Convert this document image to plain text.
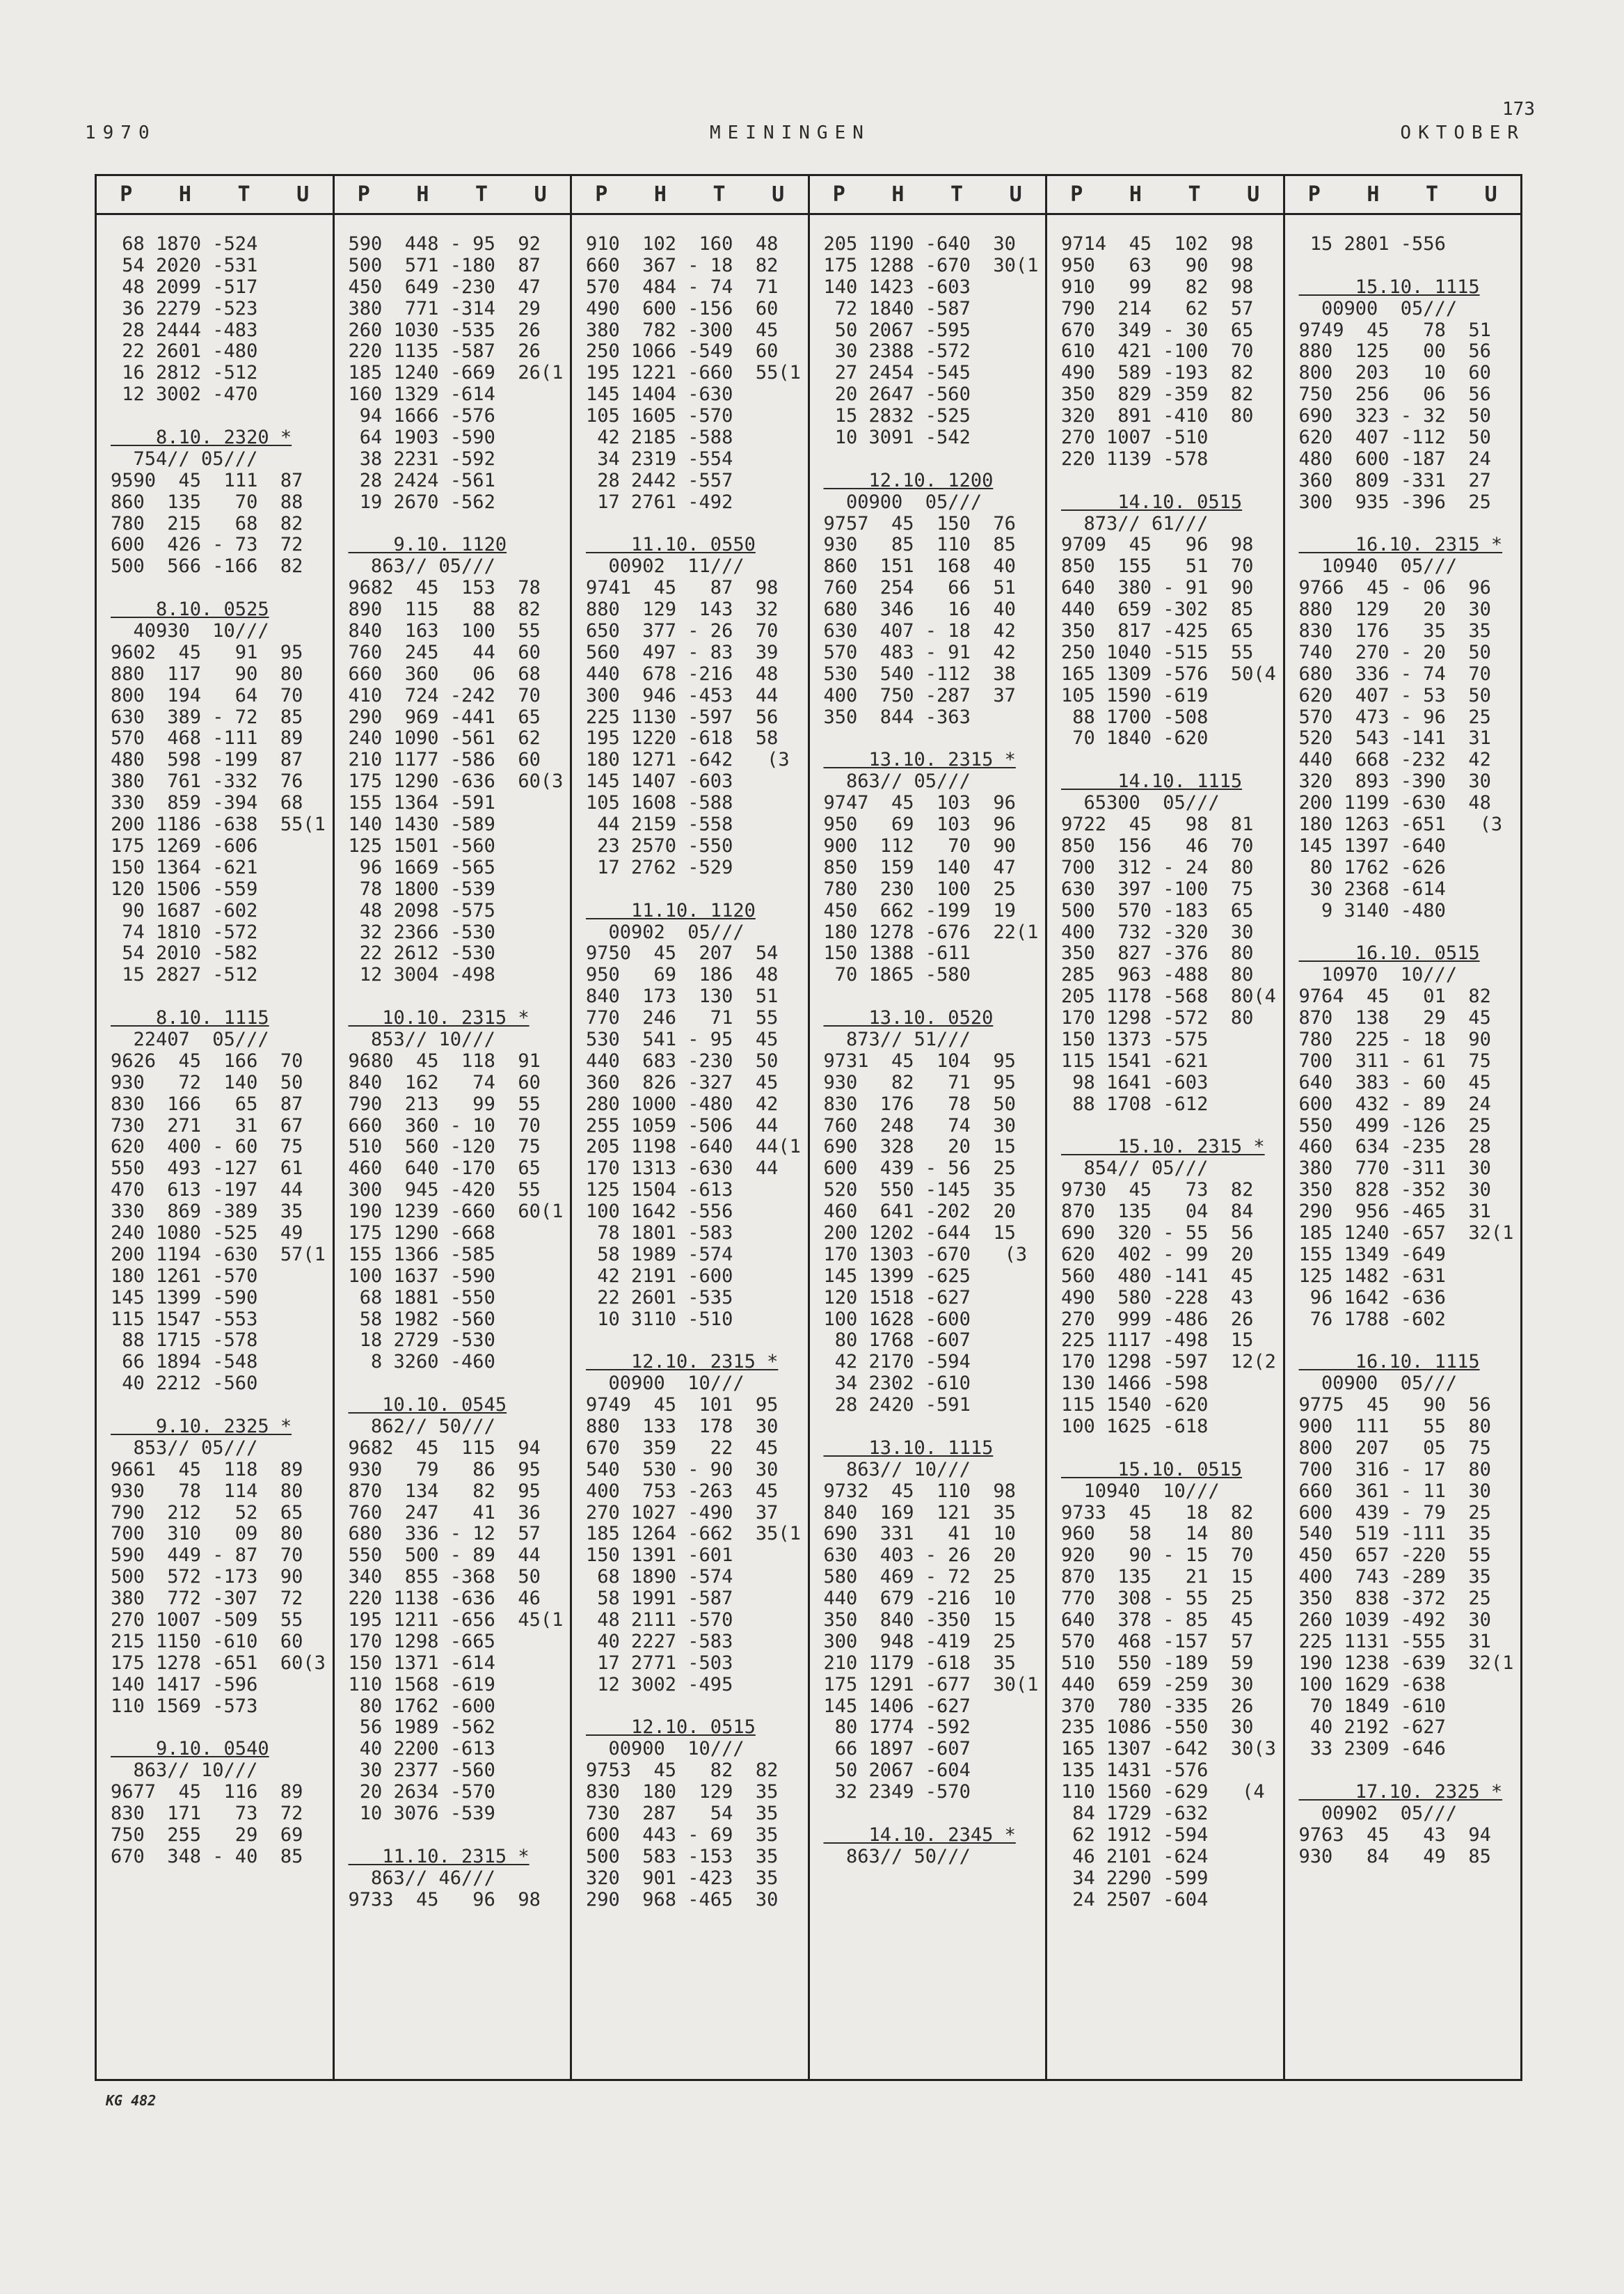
173
1970	MEININGEN	OKTOBER
P H T U
68 1870 -524
54 2020 -531
48 2099 -517
36 2279 -523
28 2444 -483
22 2601 -480
16 2812 -512
12 3002 -470
8.10. 2320 *
754// 05///
9590  45  111  87
860  135   70  88
780  215   68  82
600  426 - 73  72
500  566 -166  82
8.10. 0525
40930  10///
9602  45   91  95
880  117   90  80
800  194   64  70
630  389 - 72  85
570  468 -111  89
480  598 -199  87
380  761 -332  76
330  859 -394  68
200 1186 -638  55(1
175 1269 -606
150 1364 -621
120 1506 -559
90 1687 -602
74 1810 -572
54 2010 -582
15 2827 -512
8.10. 1115
22407  05///
9626  45  166  70
930   72  140  50
830  166   65  87
730  271   31  67
620  400 - 60  75
550  493 -127  61
470  613 -197  44
330  869 -389  35
240 1080 -525  49
200 1194 -630  57(1
180 1261 -570
145 1399 -590
115 1547 -553
88 1715 -578
66 1894 -548
40 2212 -560
9.10. 2325 *
853// 05///
9661  45  118  89
930   78  114  80
790  212   52  65
700  310   09  80
590  449 - 87  70
500  572 -173  90
380  772 -307  72
270 1007 -509  55
215 1150 -610  60
175 1278 -651  60(3
140 1417 -596
110 1569 -573
9.10. 0540
863// 10///
9677  45  116  89
830  171   73  72
750  255   29  69
670  348 - 40  85
P H T U
590  448 - 95  92
500  571 -180  87
450  649 -230  47
380  771 -314  29
260 1030 -535  26
220 1135 -587  26
185 1240 -669  26(1
160 1329 -614
94 1666 -576
64 1903 -590
38 2231 -592
28 2424 -561
19 2670 -562
9.10. 1120
863// 05///
9682  45  153  78
890  115   88  82
840  163  100  55
760  245   44  60
660  360   06  68
410  724 -242  70
290  969 -441  65
240 1090 -561  62
210 1177 -586  60
175 1290 -636  60(3
155 1364 -591
140 1430 -589
125 1501 -560
96 1669 -565
78 1800 -539
48 2098 -575
32 2366 -530
22 2612 -530
12 3004 -498
10.10. 2315 *
853// 10///
9680  45  118  91
840  162   74  60
790  213   99  55
660  360 - 10  70
510  560 -120  75
460  640 -170  65
300  945 -420  55
190 1239 -660  60(1
175 1290 -668
155 1366 -585
100 1637 -590
68 1881 -550
58 1982 -560
18 2729 -530
8 3260 -460
10.10. 0545
862// 50///
9682  45  115  94
930   79   86  95
870  134   82  95
760  247   41  36
680  336 - 12  57
550  500 - 89  44
340  855 -368  50
220 1138 -636  46
195 1211 -656  45(1
170 1298 -665
150 1371 -614
110 1568 -619
80 1762 -600
56 1989 -562
40 2200 -613
30 2377 -560
20 2634 -570
10 3076 -539
11.10. 2315 *
863// 46///
9733  45   96  98
P H T U
910  102  160  48
660  367 - 18  82
570  484 - 74  71
490  600 -156  60
380  782 -300  45
250 1066 -549  60
195 1221 -660  55(1
145 1404 -630
105 1605 -570
42 2185 -588
34 2319 -554
28 2442 -557
17 2761 -492
11.10. 0550
00902  11///
9741  45   87  98
880  129  143  32
650  377 - 26  70
560  497 - 83  39
440  678 -216  48
300  946 -453  44
225 1130 -597  56
195 1220 -618  58
180 1271 -642   (3
145 1407 -603
105 1608 -588
44 2159 -558
23 2570 -550
17 2762 -529
11.10. 1120
00902  05///
9750  45  207  54
950   69  186  48
840  173  130  51
770  246   71  55
530  541 - 95  45
440  683 -230  50
360  826 -327  45
280 1000 -480  42
255 1059 -506  44
205 1198 -640  44(1
170 1313 -630  44
125 1504 -613
100 1642 -556
78 1801 -583
58 1989 -574
42 2191 -600
22 2601 -535
10 3110 -510
12.10. 2315 *
00900  10///
9749  45  101  95
880  133  178  30
670  359   22  45
540  530 - 90  30
400  753 -263  45
270 1027 -490  37
185 1264 -662  35(1
150 1391 -601
68 1890 -574
58 1991 -587
48 2111 -570
40 2227 -583
17 2771 -503
12 3002 -495
12.10. 0515
00900  10///
9753  45   82  82
830  180  129  35
730  287   54  35
600  443 - 69  35
500  583 -153  35
320  901 -423  35
290  968 -465  30
P H T U
205 1190 -640  30
175 1288 -670  30(1
140 1423 -603
72 1840 -587
50 2067 -595
30 2388 -572
27 2454 -545
20 2647 -560
15 2832 -525
10 3091 -542
12.10. 1200
00900  05///
9757  45  150  76
930   85  110  85
860  151  168  40
760  254   66  51
680  346   16  40
630  407 - 18  42
570  483 - 91  42
530  540 -112  38
400  750 -287  37
350  844 -363
13.10. 2315 *
863// 05///
9747  45  103  96
950   69  103  96
900  112   70  90
850  159  140  47
780  230  100  25
450  662 -199  19
180 1278 -676  22(1
150 1388 -611
70 1865 -580
13.10. 0520
873// 51///
9731  45  104  95
930   82   71  95
830  176   78  50
760  248   74  30
690  328   20  15
600  439 - 56  25
520  550 -145  35
460  641 -202  20
200 1202 -644  15
170 1303 -670   (3
145 1399 -625
120 1518 -627
100 1628 -600
80 1768 -607
42 2170 -594
34 2302 -610
28 2420 -591
13.10. 1115
863// 10///
9732  45  110  98
840  169  121  35
690  331   41  10
630  403 - 26  20
580  469 - 72  25
440  679 -216  10
350  840 -350  15
300  948 -419  25
210 1179 -618  35
175 1291 -677  30(1
145 1406 -627
80 1774 -592
66 1897 -607
50 2067 -604
32 2349 -570
14.10. 2345 *
863// 50///
P H T U
9714  45  102  98
950   63   90  98
910   99   82  98
790  214   62  57
670  349 - 30  65
610  421 -100  70
490  589 -193  82
350  829 -359  82
320  891 -410  80
270 1007 -510
220 1139 -578
14.10. 0515
873// 61///
9709  45   96  98
850  155   51  70
640  380 - 91  90
440  659 -302  85
350  817 -425  65
250 1040 -515  55
165 1309 -576  50(4
105 1590 -619
88 1700 -508
70 1840 -620
14.10. 1115
65300  05///
9722  45   98  81
850  156   46  70
700  312 - 24  80
630  397 -100  75
500  570 -183  65
400  732 -320  30
350  827 -376  80
285  963 -488  80
205 1178 -568  80(4
170 1298 -572  80
150 1373 -575
115 1541 -621
98 1641 -603
88 1708 -612
15.10. 2315 *
854// 05///
9730  45   73  82
870  135   04  84
690  320 - 55  56
620  402 - 99  20
560  480 -141  45
490  580 -228  43
270  999 -486  26
225 1117 -498  15
170 1298 -597  12(2
130 1466 -598
115 1540 -620
100 1625 -618
15.10. 0515
10940  10///
9733  45   18  82
960   58   14  80
920   90 - 15  70
870  135   21  15
770  308 - 55  25
640  378 - 85  45
570  468 -157  57
510  550 -189  59
440  659 -259  30
370  780 -335  26
235 1086 -550  30
165 1307 -642  30(3
135 1431 -576
110 1560 -629   (4
84 1729 -632
62 1912 -594
46 2101 -624
34 2290 -599
24 2507 -604
P H T U
15 2801 -556
15.10. 1115
00900  05///
9749  45   78  51
880  125   00  56
800  203   10  60
750  256   06  56
690  323 - 32  50
620  407 -112  50
480  600 -187  24
360  809 -331  27
300  935 -396  25
16.10. 2315 *
10940  05///
9766  45 - 06  96
880  129   20  30
830  176   35  35
740  270 - 20  50
680  336 - 74  70
620  407 - 53  50
570  473 - 96  25
520  543 -141  31
440  668 -232  42
320  893 -390  30
200 1199 -630  48
180 1263 -651   (3
145 1397 -640
80 1762 -626
30 2368 -614
9 3140 -480
16.10. 0515
10970  10///
9764  45   01  82
870  138   29  45
780  225 - 18  90
700  311 - 61  75
640  383 - 60  45
600  432 - 89  24
550  499 -126  25
460  634 -235  28
380  770 -311  30
350  828 -352  30
290  956 -465  31
185 1240 -657  32(1
155 1349 -649
125 1482 -631
96 1642 -636
76 1788 -602
16.10. 1115
00900  05///
9775  45   90  56
900  111   55  80
800  207   05  75
700  316 - 17  80
660  361 - 11  30
600  439 - 79  25
540  519 -111  35
450  657 -220  55
400  743 -289  35
350  838 -372  25
260 1039 -492  30
225 1131 -555  31
190 1238 -639  32(1
100 1629 -638
70 1849 -610
40 2192 -627
33 2309 -646
17.10. 2325 *
00902  05///
9763  45   43  94
930   84   49  85
KG 482
